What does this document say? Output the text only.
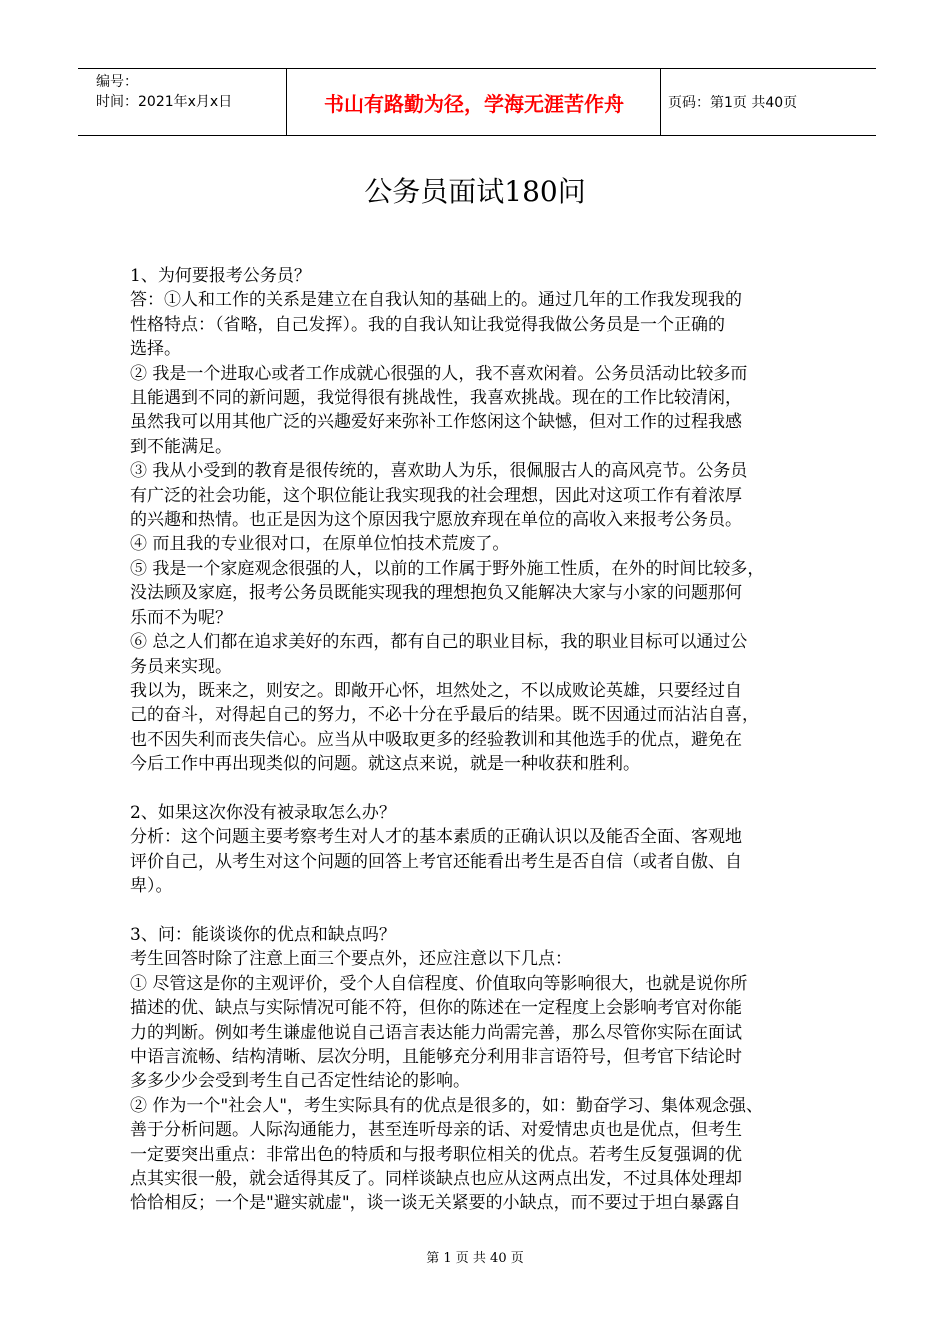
编号：
时间：2021年x月x日	书山有路勤为径，学海无涯苦作舟	页码：第1页 共40页
公务员面试180问

1、为何要报考公务员？

答：①人和工作的关系是建立在自我认知的基础上的。通过几年的工作我发现我的

性格特点：（省略，自己发挥）。我的自我认知让我觉得我做公务员是一个正确的

选择。

② 我是一个进取心或者工作成就心很强的人，我不喜欢闲着。公务员活动比较多而

且能遇到不同的新问题，我觉得很有挑战性，我喜欢挑战。现在的工作比较清闲，

虽然我可以用其他广泛的兴趣爱好来弥补工作悠闲这个缺憾，但对工作的过程我感

到不能满足。

③ 我从小受到的教育是很传统的，喜欢助人为乐，很佩服古人的高风亮节。公务员

有广泛的社会功能，这个职位能让我实现我的社会理想，因此对这项工作有着浓厚

的兴趣和热情。也正是因为这个原因我宁愿放弃现在单位的高收入来报考公务员。

④ 而且我的专业很对口，在原单位怕技术荒废了。

⑤ 我是一个家庭观念很强的人，以前的工作属于野外施工性质，在外的时间比较多，

没法顾及家庭，报考公务员既能实现我的理想抱负又能解决大家与小家的问题那何

乐而不为呢？

⑥ 总之人们都在追求美好的东西，都有自己的职业目标，我的职业目标可以通过公

务员来实现。

我以为，既来之，则安之。即敞开心怀，坦然处之，不以成败论英雄，只要经过自

己的奋斗，对得起自己的努力，不必十分在乎最后的结果。既不因通过而沾沾自喜，

也不因失利而丧失信心。应当从中吸取更多的经验教训和其他选手的优点，避免在

今后工作中再出现类似的问题。就这点来说，就是一种收获和胜利。

2、如果这次你没有被录取怎么办？

分析：这个问题主要考察考生对人才的基本素质的正确认识以及能否全面、客观地

评价自己，从考生对这个问题的回答上考官还能看出考生是否自信（或者自傲、自

卑）。

3、问：能谈谈你的优点和缺点吗？

考生回答时除了注意上面三个要点外，还应注意以下几点：

① 尽管这是你的主观评价，受个人自信程度、价值取向等影响很大，也就是说你所

描述的优、缺点与实际情况可能不符，但你的陈述在一定程度上会影响考官对你能

力的判断。例如考生谦虚他说自己语言表达能力尚需完善，那么尽管你实际在面试

中语言流畅、结构清晰、层次分明，且能够充分利用非言语符号，但考官下结论时

多多少少会受到考生自己否定性结论的影响。

② 作为一个"社会人"，考生实际具有的优点是很多的，如：勤奋学习、集体观念强、

善于分析问题。人际沟通能力，甚至连听母亲的话、对爱情忠贞也是优点，但考生

一定要突出重点：非常出色的特质和与报考职位相关的优点。若考生反复强调的优

点其实很一般，就会适得其反了。同样谈缺点也应从这两点出发，不过具体处理却

恰恰相反；一个是"避实就虚"，谈一谈无关紧要的小缺点，而不要过于坦白暴露自

第 1 页 共 40 页
